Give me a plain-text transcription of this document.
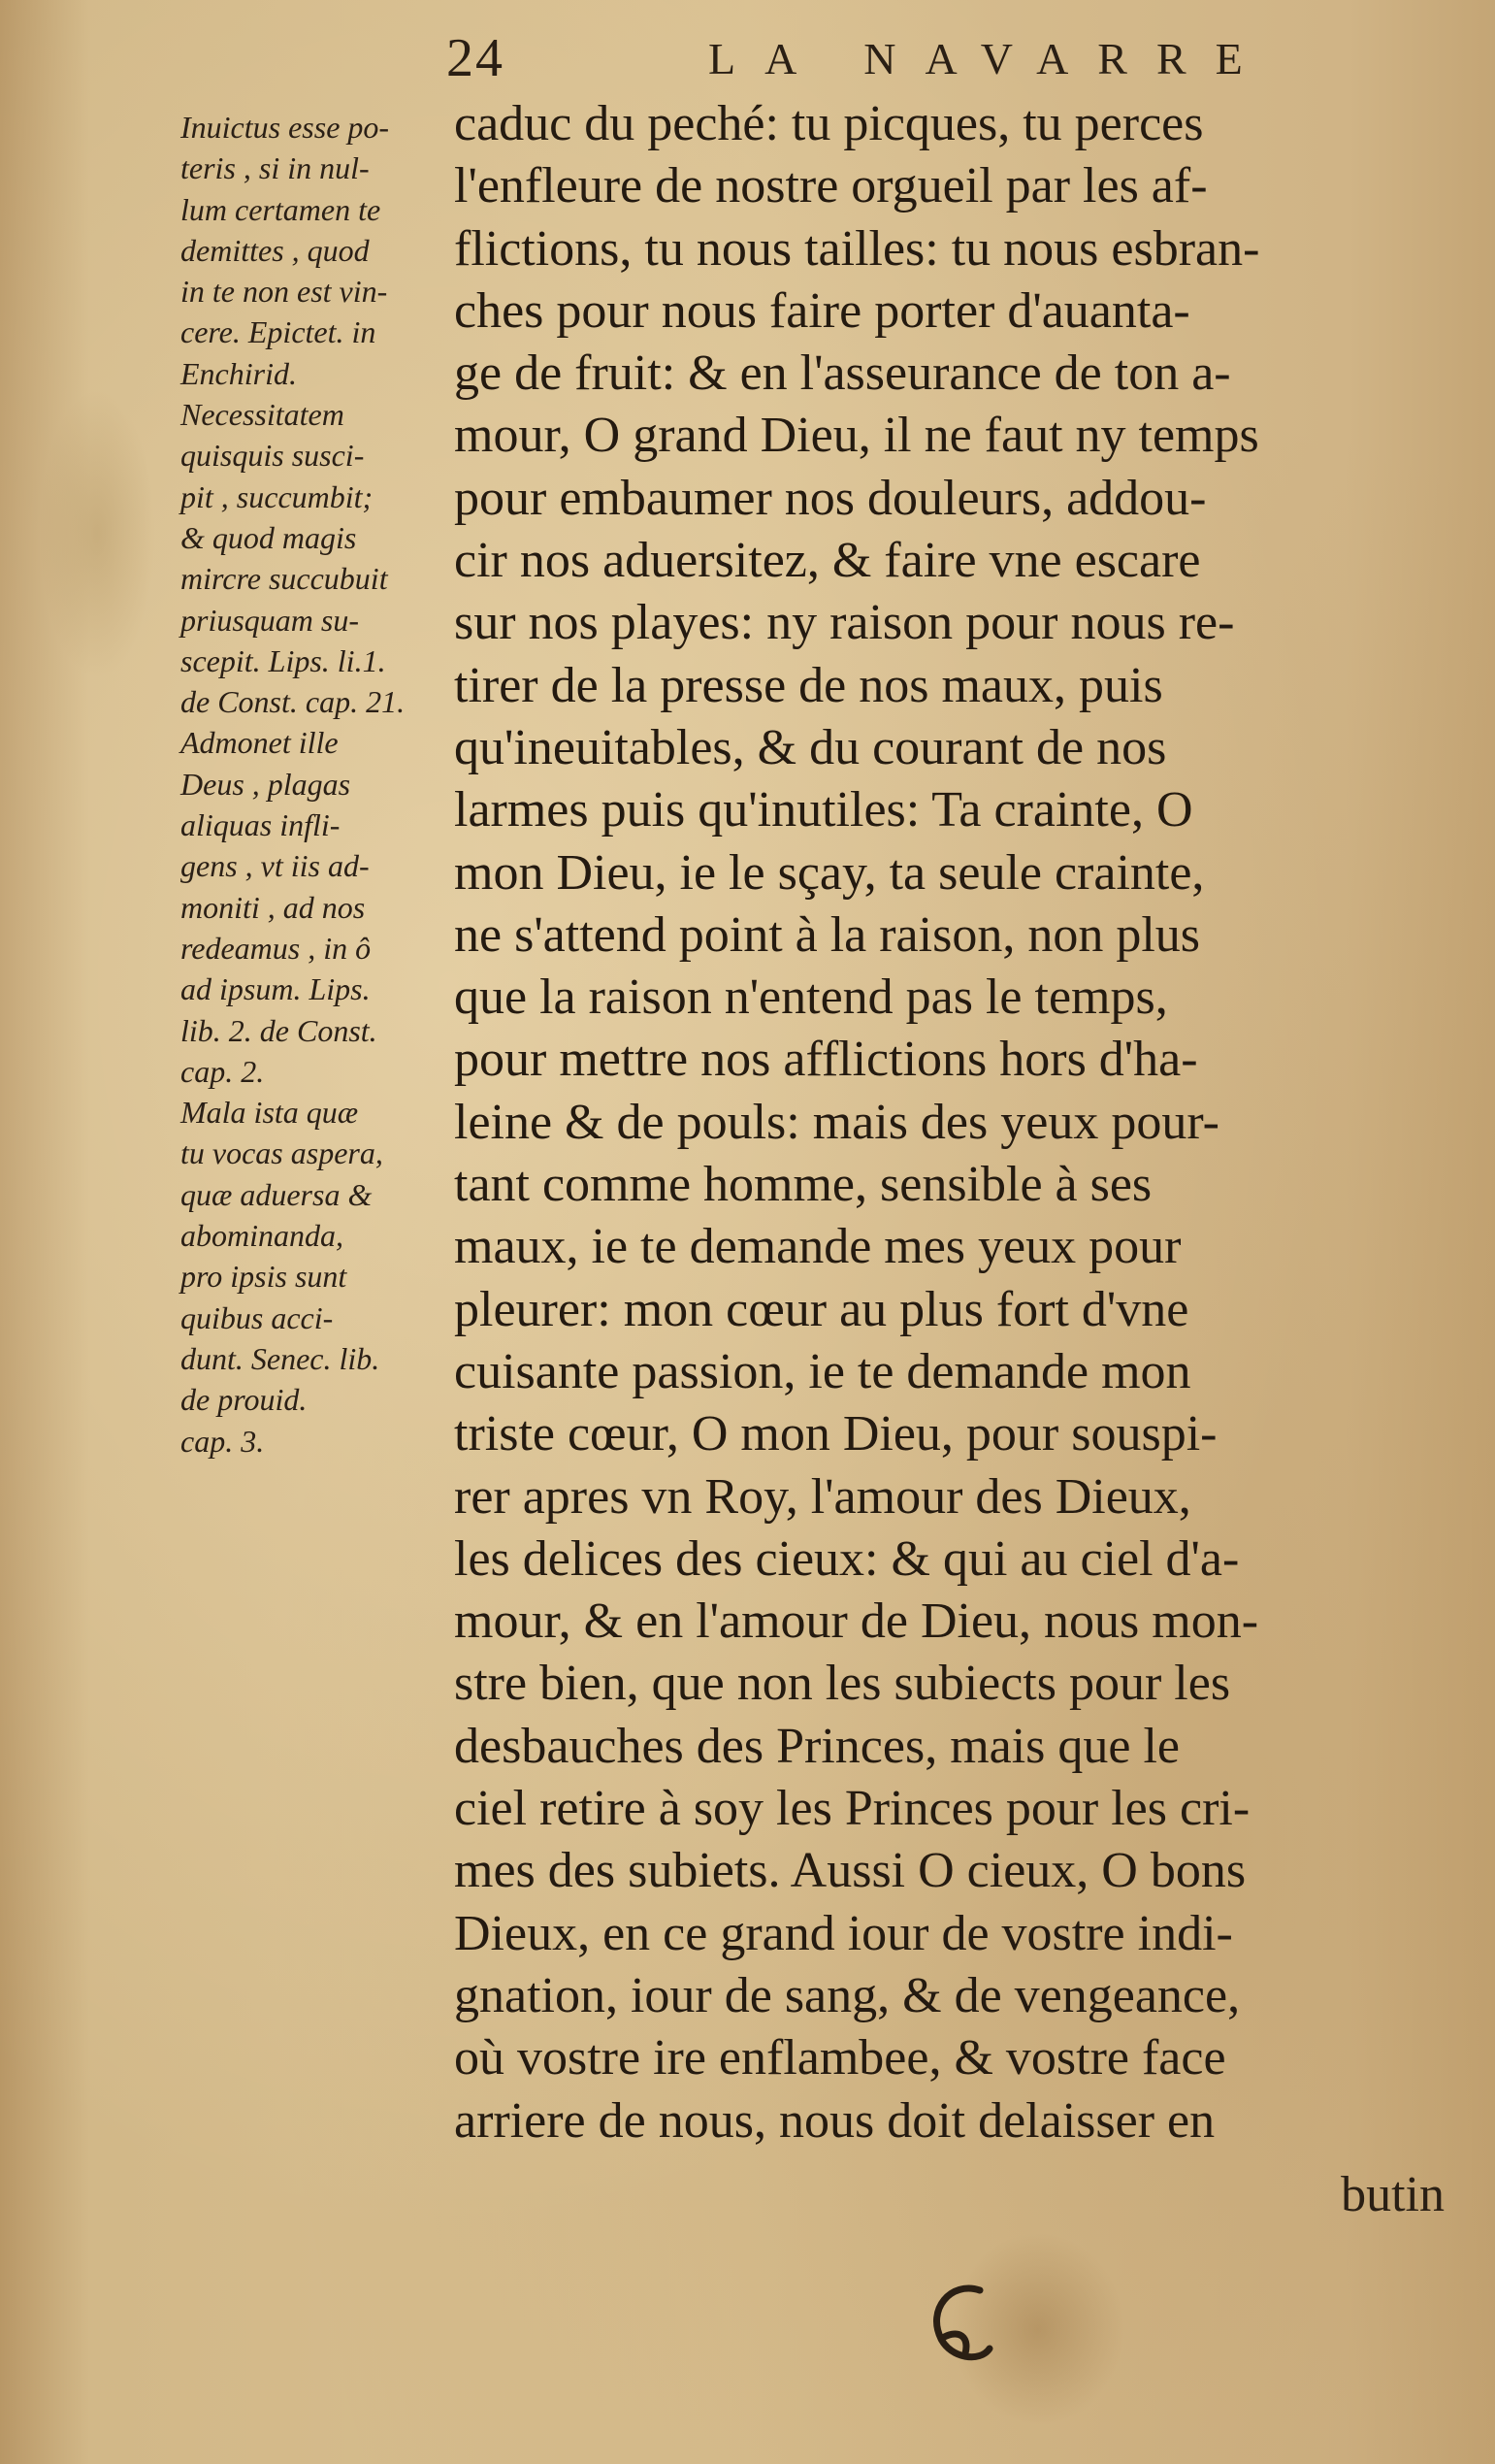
24	LA NAVARRE
Inuictus esse po-
teris , si in nul-
lum certamen te
demittes , quod
in te non est vin-
cere. Epictet. in
Enchirid.
Necessitatem
quisquis susci-
pit , succumbit;
& quod magis
mircre succubuit
priusquam su-
scepit. Lips. li.1.
de Const. cap. 21.
Admonet ille
Deus , plagas
aliquas infli-
gens , vt iis ad-
moniti , ad nos
redeamus , in ô
ad ipsum. Lips.
lib. 2. de Const.
cap. 2.
Mala ista quæ
tu vocas aspera,
quæ aduersa &
abominanda,
pro ipsis sunt
quibus acci-
dunt. Senec. lib.
de prouid.
cap. 3.
caduc du peché: tu picques, tu perces
l'enfleure de nostre orgueil par les af-
flictions, tu nous tailles: tu nous esbran-
ches pour nous faire porter d'auanta-
ge de fruit: & en l'asseurance de ton a-
mour, O grand Dieu, il ne faut ny temps
pour embaumer nos douleurs, addou-
cir nos aduersitez, & faire vne escare
sur nos playes: ny raison pour nous re-
tirer de la presse de nos maux, puis
qu'ineuitables, & du courant de nos
larmes puis qu'inutiles: Ta crainte, O
mon Dieu, ie le sçay, ta seule crainte,
ne s'attend point à la raison, non plus
que la raison n'entend pas le temps,
pour mettre nos afflictions hors d'ha-
leine & de pouls: mais des yeux pour-
tant comme homme, sensible à ses
maux, ie te demande mes yeux pour
pleurer: mon cœur au plus fort d'vne
cuisante passion, ie te demande mon
triste cœur, O mon Dieu, pour souspi-
rer apres vn Roy, l'amour des Dieux,
les delices des cieux: & qui au ciel d'a-
mour, & en l'amour de Dieu, nous mon-
stre bien, que non les subiects pour les
desbauches des Princes, mais que le
ciel retire à soy les Princes pour les cri-
mes des subiets. Aussi O cieux, O bons
Dieux, en ce grand iour de vostre indi-
gnation, iour de sang, & de vengeance,
où vostre ire enflambee, & vostre face
arriere de nous, nous doit delaisser en
butin
